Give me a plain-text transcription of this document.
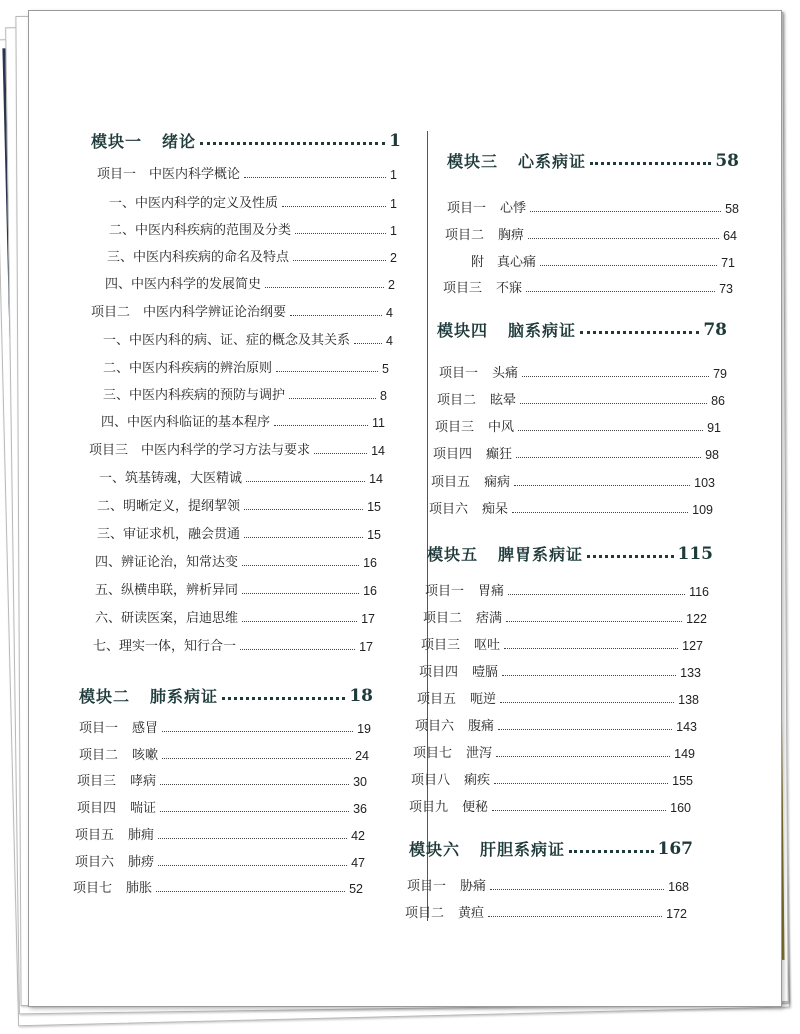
模块一 绪论	1
项目一　中医内科学概论	1
一、中医内科学的定义及性质	1
二、中医内科疾病的范围及分类	1
三、中医内科疾病的命名及特点	2
四、中医内科学的发展简史	2
项目二　中医内科学辨证论治纲要	4
一、中医内科的病、证、症的概念及其关系	4
二、中医内科疾病的辨治原则	5
三、中医内科疾病的预防与调护	8
四、中医内科临证的基本程序	11
项目三　中医内科学的学习方法与要求	14
一、筑基铸魂，大医精诚	14
二、明晰定义，提纲挈领	15
三、审证求机，融会贯通	15
四、辨证论治，知常达变	16
五、纵横串联，辨析异同	16
六、研读医案，启迪思维	17
七、理实一体，知行合一	17
模块二 肺系病证	18
项目一 感冒	19
项目二 咳嗽	24
项目三 哮病	30
项目四 喘证	36
项目五 肺痈	42
项目六 肺痨	47
项目七 肺胀	52
模块三 心系病证	58
项目一 心悸	58
项目二 胸痹	64
附　真心痛	71
项目三 不寐	73
模块四 脑系病证	78
项目一 头痛	79
项目二 眩晕	86
项目三 中风	91
项目四 癫狂	98
项目五 痫病	103
项目六 痴呆	109
模块五 脾胃系病证	115
项目一 胃痛	116
项目二 痞满	122
项目三 呕吐	127
项目四 噎膈	133
项目五 呃逆	138
项目六 腹痛	143
项目七 泄泻	149
项目八 痢疾	155
项目九 便秘	160
模块六 肝胆系病证	167
项目一 胁痛	168
项目二 黄疸	172
